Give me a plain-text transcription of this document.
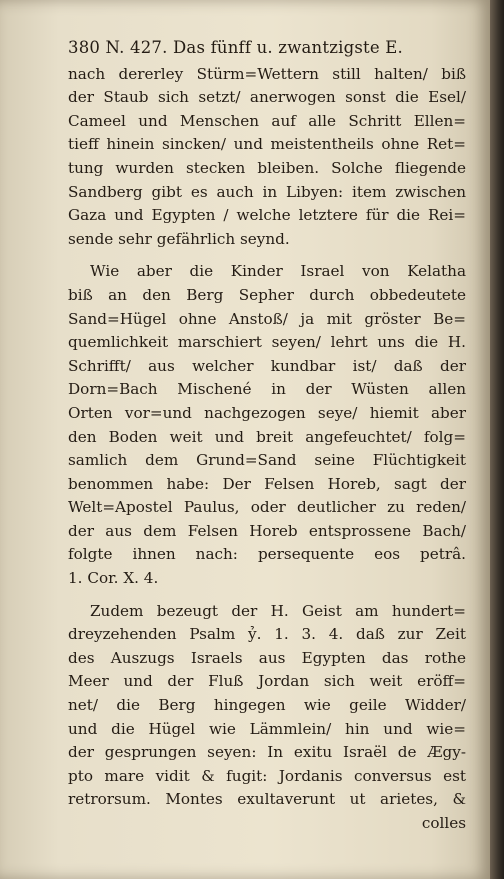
380 N. 427. Das fünff u. zwantzigste E.
nach dererley Stürm=Wettern still halten/ biß
der Staub sich setzt/ anerwogen sonst die Esel/
Cameel und Menschen auf alle Schritt Ellen=
tieff hinein sincken/ und meistentheils ohne Ret=
tung wurden stecken bleiben. Solche fliegende
Sandberg gibt es auch in Libyen: item zwischen
Gaza und Egypten / welche letztere für die Rei=
sende sehr gefährlich seynd.
Wie aber die Kinder Israel von Kelatha
biß an den Berg Sepher durch obbedeutete
Sand=Hügel ohne Anstoß/ ja mit gröster Be=
quemlichkeit marschiert seyen/ lehrt uns die H.
Schrifft/ aus welcher kundbar ist/ daß der
Dorn=Bach Mischené in der Wüsten allen
Orten vor=und nachgezogen seye/ hiemit aber
den Boden weit und breit angefeuchtet/ folg=
samlich dem Grund=Sand seine Flüchtigkeit
benommen habe: Der Felsen Horeb, sagt der
Welt=Apostel Paulus, oder deutlicher zu reden/
der aus dem Felsen Horeb entsprossene Bach/
folgte ihnen nach: persequente eos petrâ.
1. Cor. X. 4.
Zudem bezeugt der H. Geist am hundert=
dreyzehenden Psalm ỷ. 1. 3. 4. daß zur Zeit
des Auszugs Israels aus Egypten das rothe
Meer und der Fluß Jordan sich weit eröff=
net/ die Berg hingegen wie geile Widder/
und die Hügel wie Lämmlein/ hin und wie=
der gesprungen seyen: In exitu Israël de Ægy-
pto mare vidit & fugit: Jordanis conversus est
retrorsum. Montes exultaverunt ut arietes, &
colles
